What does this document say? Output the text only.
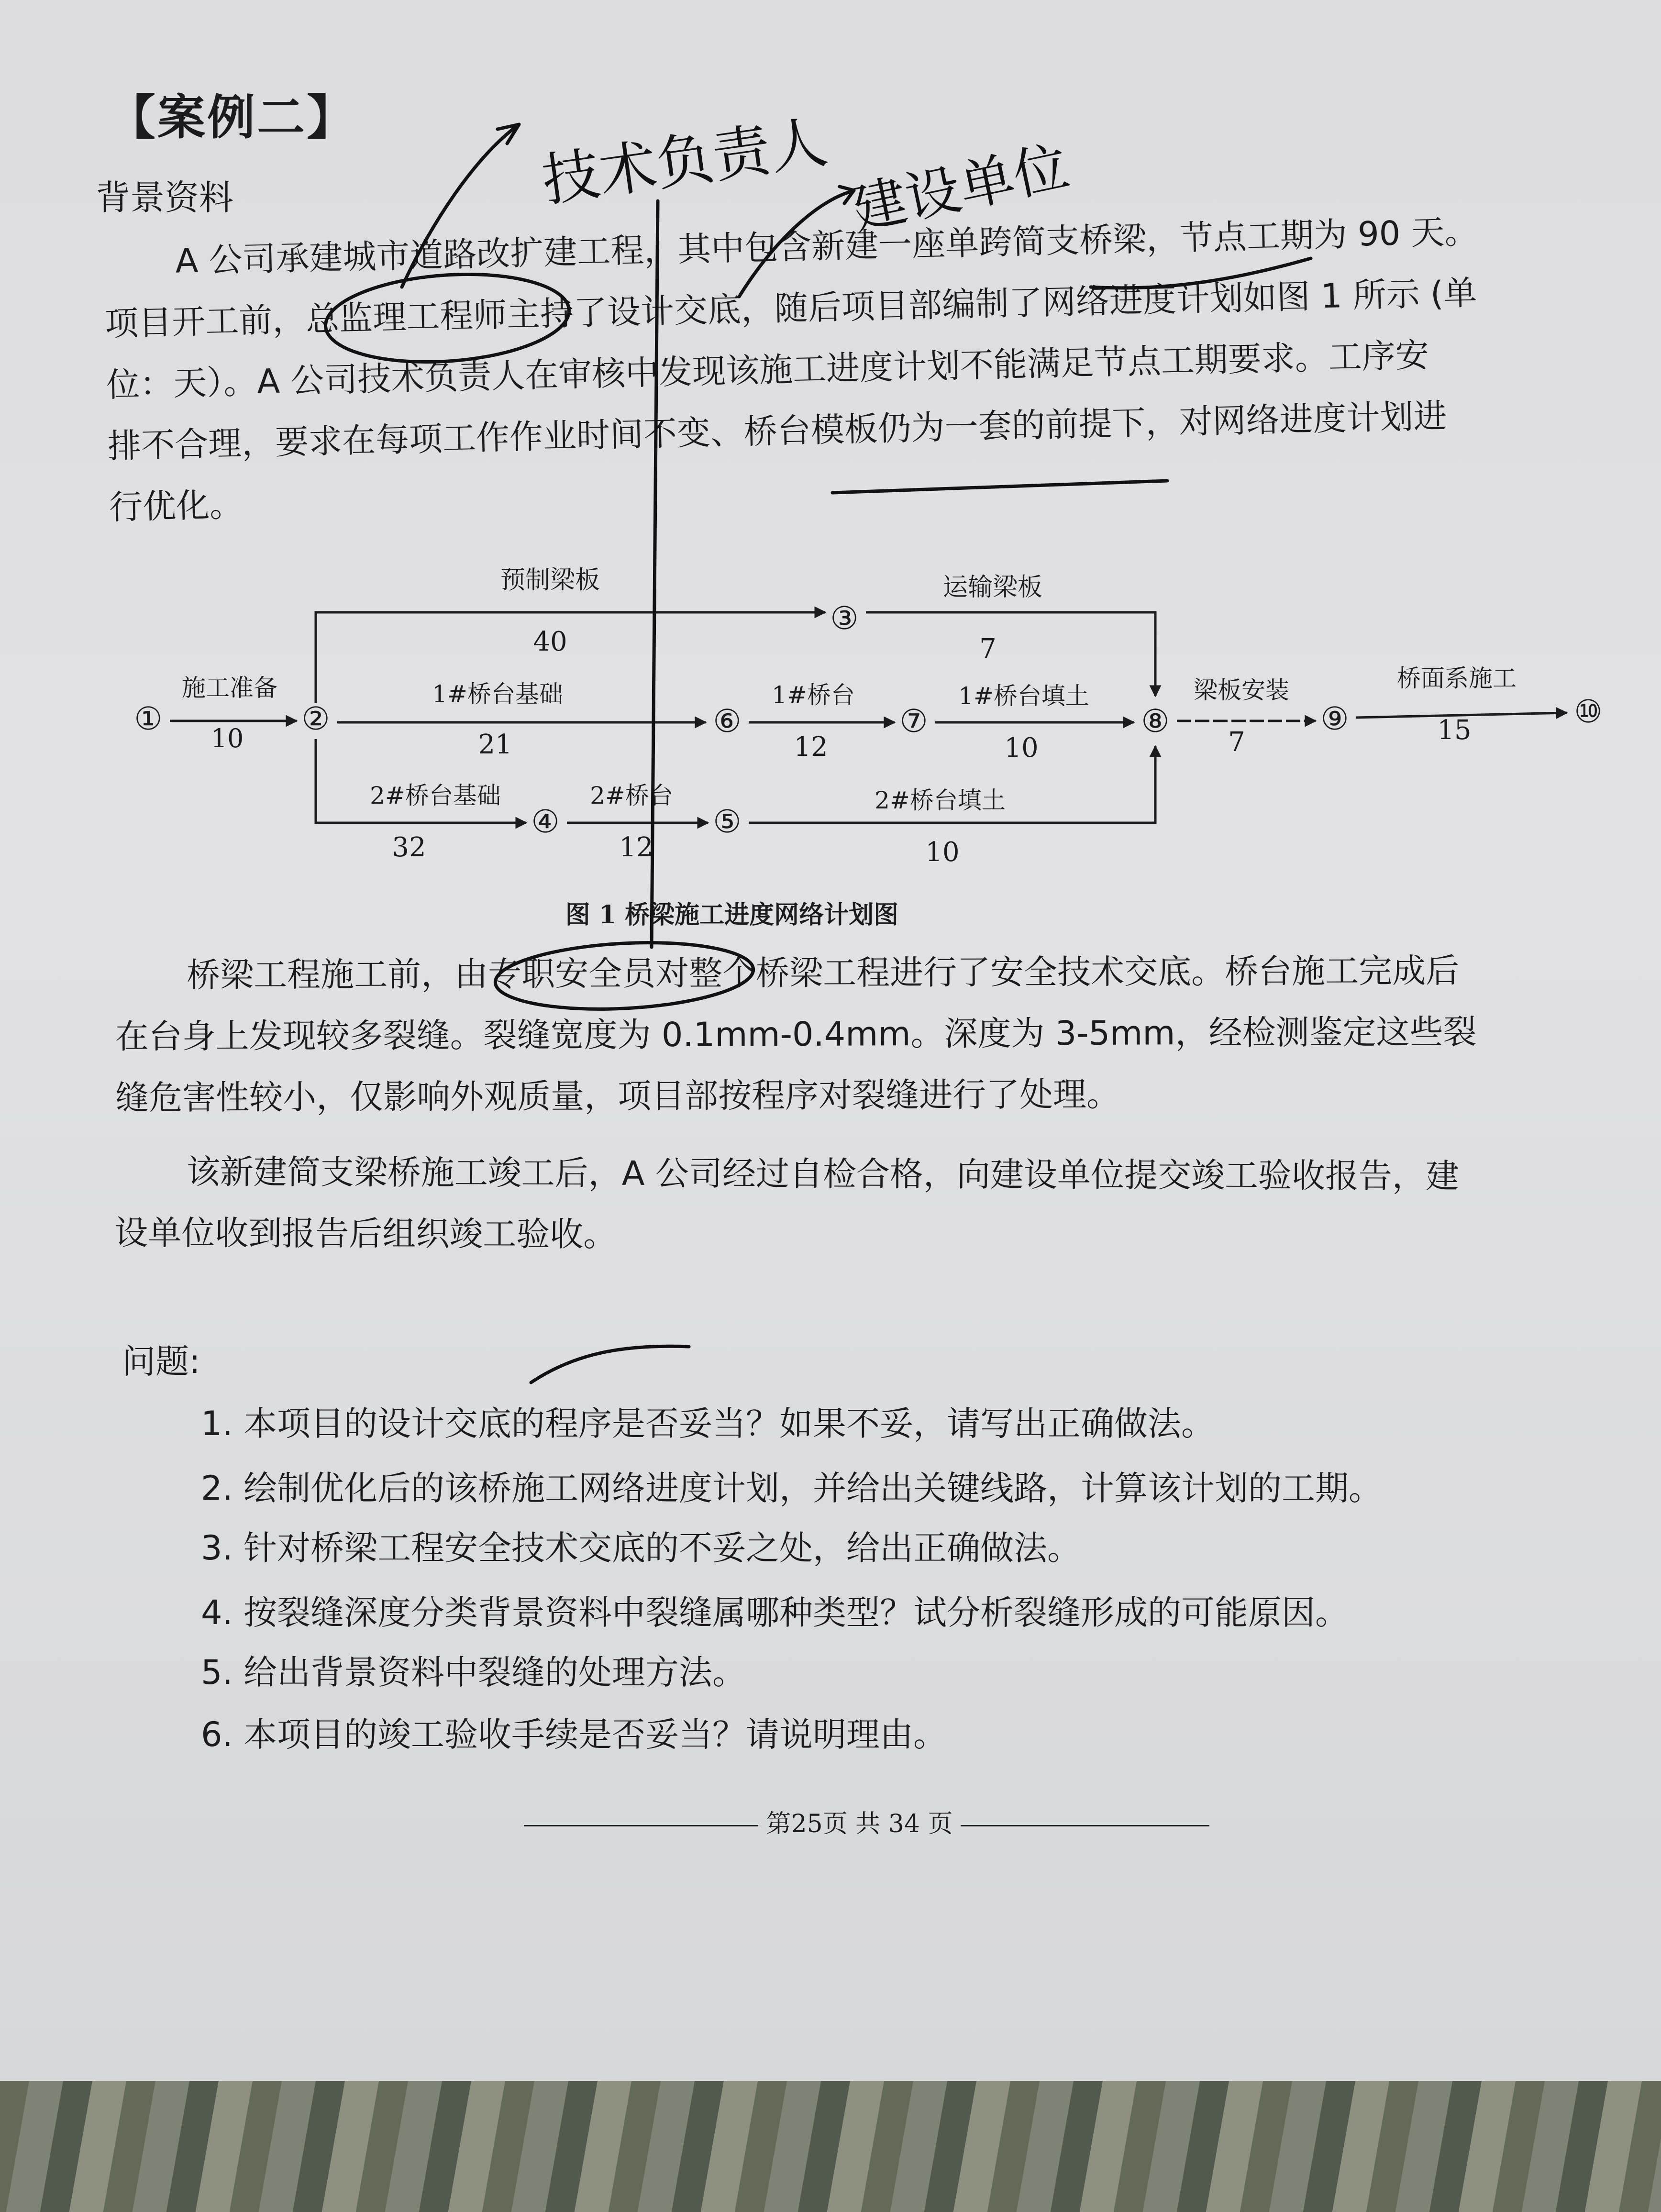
【案例二】
背景资料
A 公司承建城市道路改扩建工程，其中包含新建一座单跨简支桥梁，节点工期为 90 天。
项目开工前，总监理工程师主持了设计交底，随后项目部编制了网络进度计划如图 1 所示 (单
位：天）。A 公司技术负责人在审核中发现该施工进度计划不能满足节点工期要求。工序安
排不合理，要求在每项工作作业时间不变、桥台模板仍为一套的前提下，对网络进度计划进
行优化。
①	②
③
④	⑤
⑥	⑦	⑧	⑨	⑩
施工准备
10
预制梁板
40
运输梁板
7
1#桥台基础
21
1#桥台
12
1#桥台填土
10
2#桥台基础
32
2#桥台
12
2#桥台填土
10
梁板安装
7
桥面系施工
15
图 1 桥梁施工进度网络计划图
桥梁工程施工前，由专职安全员对整个桥梁工程进行了安全技术交底。桥台施工完成后
在台身上发现较多裂缝。裂缝宽度为 0.1mm-0.4mm。深度为 3-5mm，经检测鉴定这些裂
缝危害性较小，仅影响外观质量，项目部按程序对裂缝进行了处理。
该新建简支梁桥施工竣工后，A 公司经过自检合格，向建设单位提交竣工验收报告，建
设单位收到报告后组织竣工验收。
问题:
1. 本项目的设计交底的程序是否妥当？如果不妥，请写出正确做法。
2. 绘制优化后的该桥施工网络进度计划，并给出关键线路，计算该计划的工期。
3. 针对桥梁工程安全技术交底的不妥之处，给出正确做法。
4. 按裂缝深度分类背景资料中裂缝属哪种类型？试分析裂缝形成的可能原因。
5. 给出背景资料中裂缝的处理方法。
6. 本项目的竣工验收手续是否妥当？请说明理由。
第25页 共 34 页
技术负责人 建设单位
